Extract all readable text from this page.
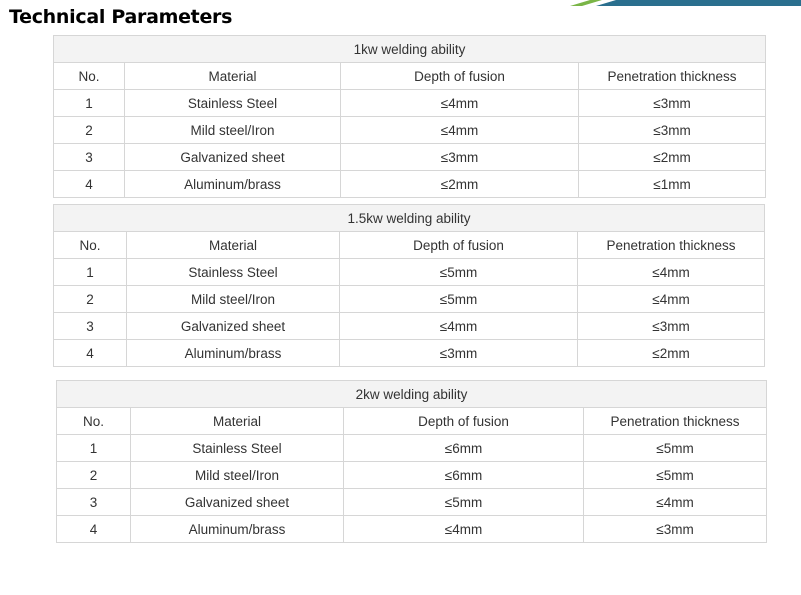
Technical Parameters
1kw welding ability			
No.	Material	Depth of fusion	Penetration thickness
1	Stainless Steel	≤4mm	≤3mm
2	Mild steel/Iron	≤4mm	≤3mm
3	Galvanized sheet	≤3mm	≤2mm
4	Aluminum/brass	≤2mm	≤1mm
1.5kw welding ability			
No.	Material	Depth of fusion	Penetration thickness
1	Stainless Steel	≤5mm	≤4mm
2	Mild steel/Iron	≤5mm	≤4mm
3	Galvanized sheet	≤4mm	≤3mm
4	Aluminum/brass	≤3mm	≤2mm
2kw welding ability			
No.	Material	Depth of fusion	Penetration thickness
1	Stainless Steel	≤6mm	≤5mm
2	Mild steel/Iron	≤6mm	≤5mm
3	Galvanized sheet	≤5mm	≤4mm
4	Aluminum/brass	≤4mm	≤3mm
